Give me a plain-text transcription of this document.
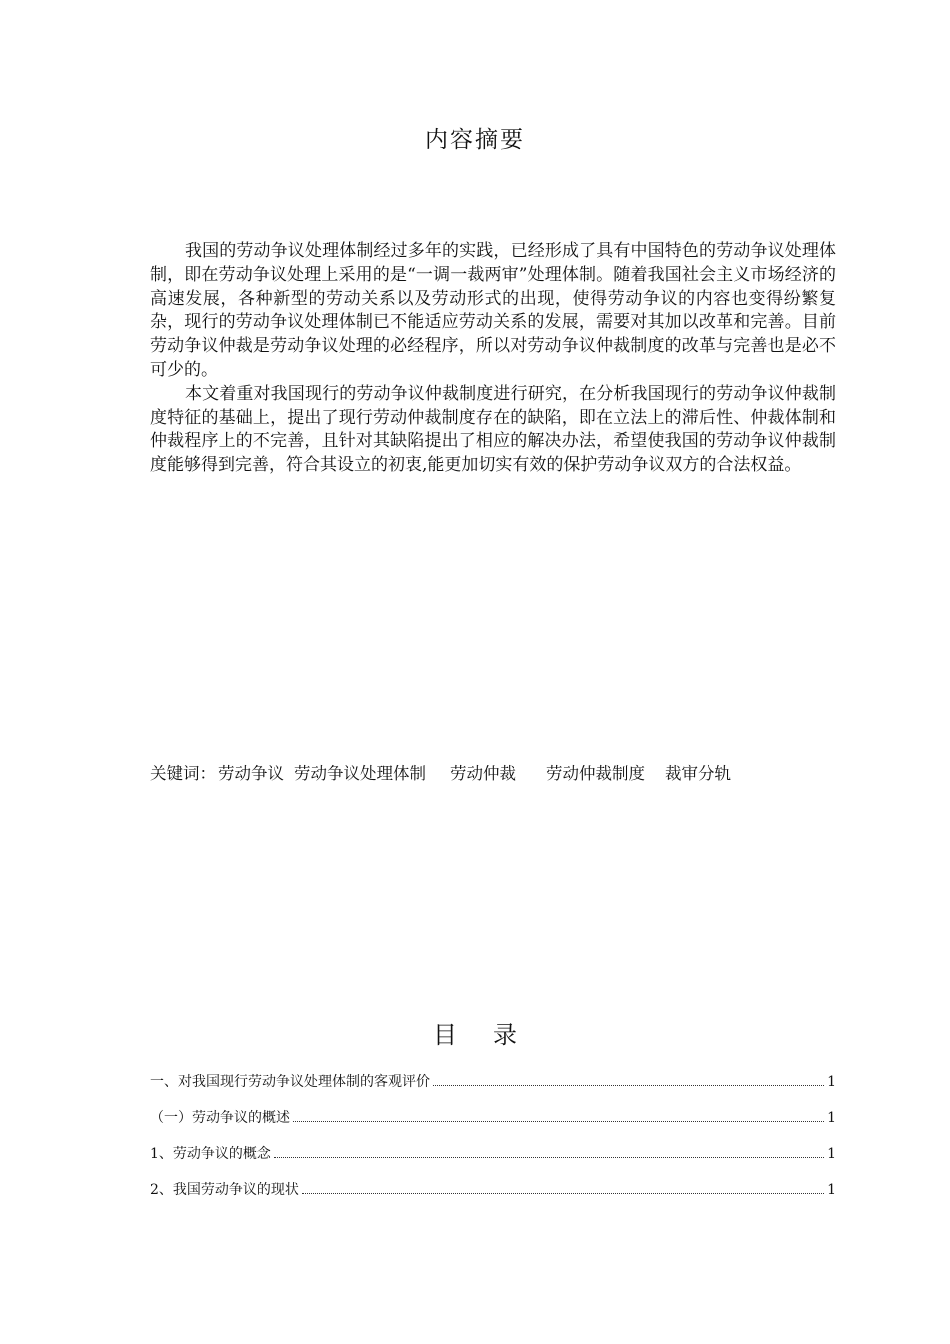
内容摘要

我国的劳动争议处理体制经过多年的实践，已经形成了具有中国特色的劳动争议处理体制，即在劳动争议处理上采用的是“一调一裁两审”处理体制。随着我国社会主义市场经济的高速发展，各种新型的劳动关系以及劳动形式的出现，使得劳动争议的内容也变得纷繁复杂，现行的劳动争议处理体制已不能适应劳动关系的发展，需要对其加以改革和完善。目前劳动争议仲裁是劳动争议处理的必经程序，所以对劳动争议仲裁制度的改革与完善也是必不可少的。

本文着重对我国现行的劳动争议仲裁制度进行研究，在分析我国现行的劳动争议仲裁制度特征的基础上，提出了现行劳动仲裁制度存在的缺陷，即在立法上的滞后性、仲裁体制和仲裁程序上的不完善，且针对其缺陷提出了相应的解决办法，希望使我国的劳动争议仲裁制度能够得到完善，符合其设立的初衷,能更加切实有效的保护劳动争议双方的合法权益。

关键词： 劳动争议 劳动争议处理体制 劳动仲裁 劳动仲裁制度 裁审分轨
目 录
一、对我国现行劳动争议处理体制的客观评价	1
（一）劳动争议的概述	1
1、劳动争议的概念	1
2、我国劳动争议的现状	1
